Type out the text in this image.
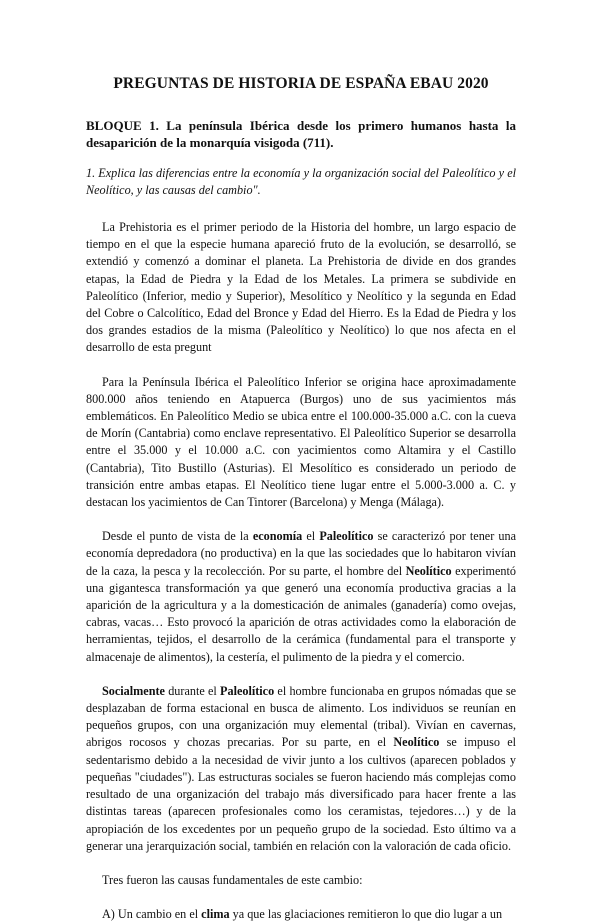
PREGUNTAS DE HISTORIA DE ESPAÑA EBAU 2020
BLOQUE 1. La península Ibérica desde los primero humanos hasta la desaparición de la monarquía visigoda (711).
1. Explica las diferencias entre la economía y la organización social del Paleolítico y el Neolítico, y las causas del cambio".

La Prehistoria es el primer periodo de la Historia del hombre, un largo espacio de tiempo en el que la especie humana apareció fruto de la evolución, se desarrolló, se extendió y comenzó a dominar el planeta. La Prehistoria de divide en dos grandes etapas, la Edad de Piedra y la Edad de los Metales. La primera se subdivide en Paleolítico (Inferior, medio y Superior), Mesolítico y Neolítico y la segunda en Edad del Cobre o Calcolítico, Edad del Bronce y Edad del Hierro. Es la Edad de Piedra y los dos grandes estadios de la misma (Paleolítico y Neolítico) lo que nos afecta en el desarrollo de esta pregunt

Para la Península Ibérica el Paleolítico Inferior se origina hace aproximadamente 800.000 años teniendo en Atapuerca (Burgos) uno de sus yacimientos más emblemáticos. En Paleolítico Medio se ubica entre el 100.000-35.000 a.C. con la cueva de Morín (Cantabria) como enclave representativo. El Paleolítico Superior se desarrolla entre el 35.000 y el 10.000 a.C. con yacimientos como Altamira y el Castillo (Cantabria), Tito Bustillo (Asturias). El Mesolítico es considerado un periodo de transición entre ambas etapas. El Neolítico tiene lugar entre el 5.000-3.000 a. C. y destacan los yacimientos de Can Tintorer (Barcelona) y Menga (Málaga).

Desde el punto de vista de la economía el Paleolítico se caracterizó por tener una economía depredadora (no productiva) en la que las sociedades que lo habitaron vivían de la caza, la pesca y la recolección. Por su parte, el hombre del Neolítico experimentó una gigantesca transformación ya que generó una economía productiva gracias a la aparición de la agricultura y a la domesticación de animales (ganadería) como ovejas, cabras, vacas… Esto provocó la aparición de otras actividades como la elaboración de herramientas, tejidos, el desarrollo de la cerámica (fundamental para el transporte y almacenaje de alimentos), la cestería, el pulimento de la piedra y el comercio.

Socialmente durante el Paleolítico el hombre funcionaba en grupos nómadas que se desplazaban de forma estacional en busca de alimento. Los individuos se reunían en pequeños grupos, con una organización muy elemental (tribal). Vivían en cavernas, abrigos rocosos y chozas precarias. Por su parte, en el Neolítico se impuso el sedentarismo debido a la necesidad de vivir junto a los cultivos (aparecen poblados y pequeñas "ciudades"). Las estructuras sociales se fueron haciendo más complejas como resultado de una organización del trabajo más diversificado para hacer frente a las distintas tareas (aparecen profesionales como los ceramistas, tejedores…) y de la apropiación de los excedentes por un pequeño grupo de la sociedad. Esto último va a generar una jerarquización social, también en relación con la valoración de cada oficio.

Tres fueron las causas fundamentales de este cambio:

A) Un cambio en el clima ya que las glaciaciones remitieron lo que dio lugar a un
